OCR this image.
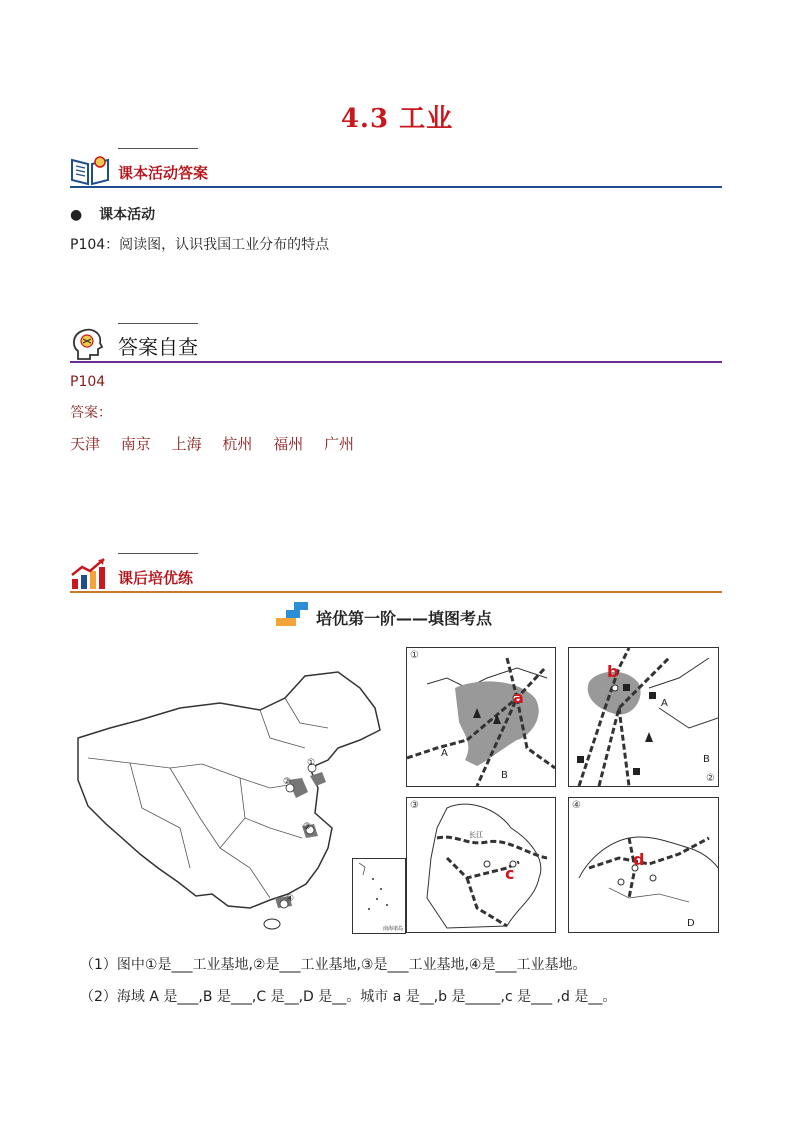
4.3 工业
课本活动答案
● 课本活动
P104：阅读图，认识我国工业分布的特点
答案自查
P104
答案：
天津 南京 上海 杭州 福州 广州
课后培优练
培优第一阶——填图考点
①
②
③
④
南海诸岛
①
a
A
B	②
b
A
B
③
长江
c
④
d
D
（1）图中①是___工业基地,②是___工业基地,③是___工业基地,④是___工业基地。
（2）海域 A 是___,B 是___,C 是__,D 是__。城市 a 是__,b 是_____,c 是___ ,d 是__。
